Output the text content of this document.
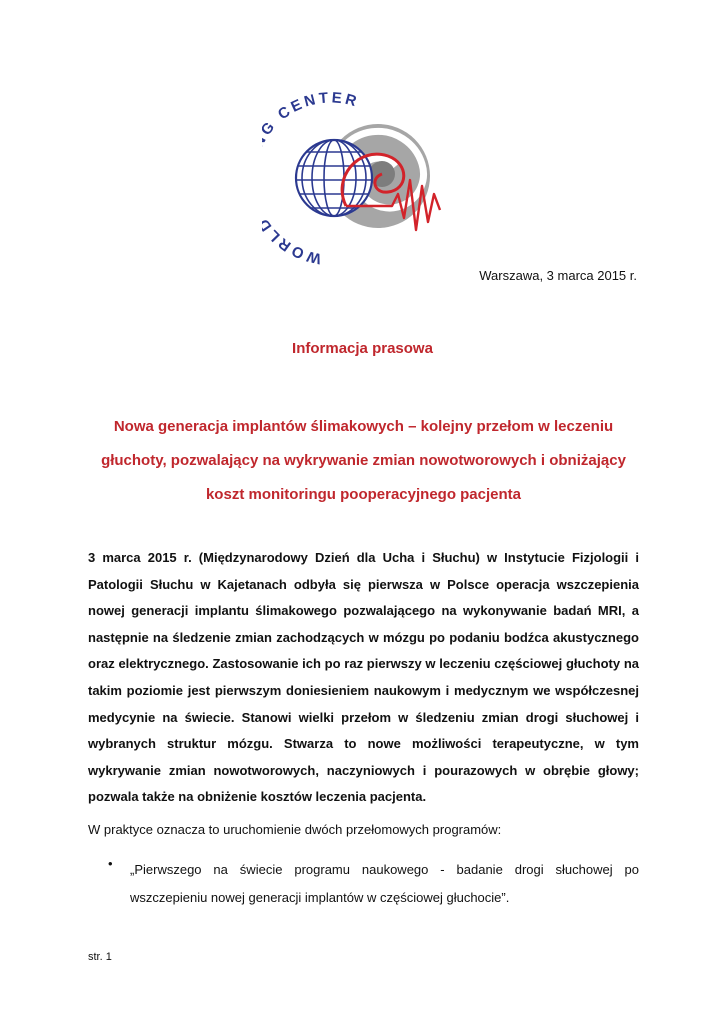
WORL CENTER
Warszawa, 3 marca 2015 r.
Informacja prasowa
Nowa generacja implantów ślimakowych – kolejny przełom w leczeniu
głuchoty, pozwalający na wykrywanie zmian nowotworowych i obniżający
koszt monitoringu pooperacyjnego pacjenta
3 marca 2015 r. (Międzynarodowy Dzień dla Ucha i Słuchu) w Instytucie Fizjologii i Patologii Słuchu w Kajetanach odbyła się pierwsza w Polsce operacja wszczepienia nowej generacji implantu ślimakowego pozwalającego na wykonywanie badań MRI, a następnie na śledzenie zmian zachodzących w mózgu po podaniu bodźca akustycznego oraz elektrycznego. Zastosowanie ich po raz pierwszy w leczeniu częściowej głuchoty na takim poziomie jest pierwszym doniesieniem naukowym i medycznym we współczesnej medycynie na świecie. Stanowi wielki przełom w śledzeniu zmian drogi słuchowej i wybranych struktur mózgu. Stwarza to nowe możliwości terapeutyczne, w tym wykrywanie zmian nowotworowych, naczyniowych i pourazowych w obrębie głowy; pozwala także na obniżenie kosztów leczenia pacjenta.
W praktyce oznacza to uruchomienie dwóch przełomowych programów:
• „Pierwszego na świecie programu naukowego - badanie drogi słuchowej po wszczepieniu nowej generacji implantów w częściowej głuchocie”.
str. 1
